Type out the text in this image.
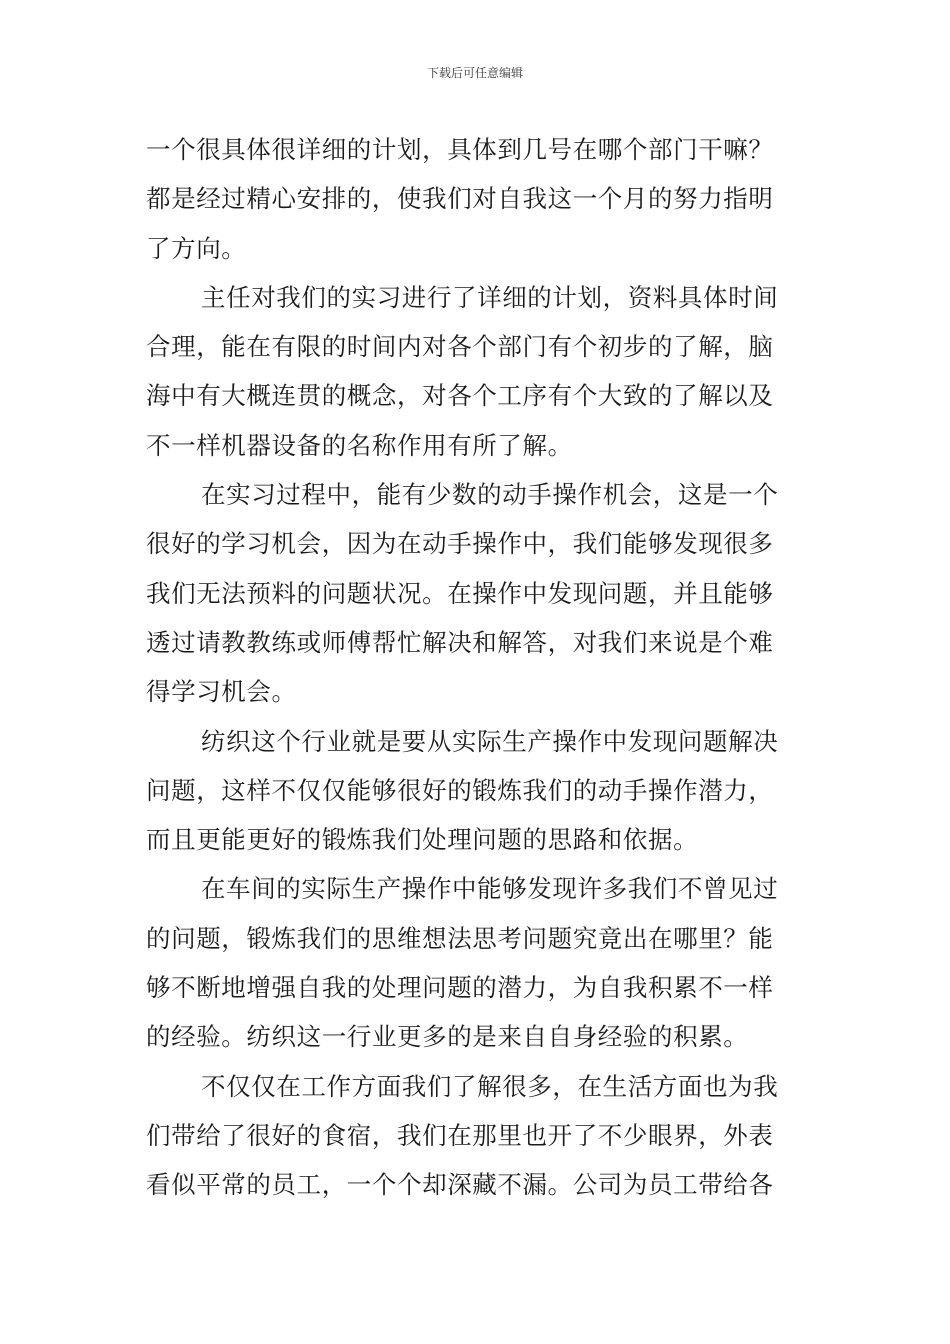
下载后可任意编辑
一个很具体很详细的计划，具体到几号在哪个部门干嘛？
都是经过精心安排的，使我们对自我这一个月的努力指明
了方向。
主任对我们的实习进行了详细的计划，资料具体时间
合理，能在有限的时间内对各个部门有个初步的了解，脑
海中有大概连贯的概念，对各个工序有个大致的了解以及
不一样机器设备的名称作用有所了解。
在实习过程中，能有少数的动手操作机会，这是一个
很好的学习机会，因为在动手操作中，我们能够发现很多
我们无法预料的问题状况。在操作中发现问题，并且能够
透过请教教练或师傅帮忙解决和解答，对我们来说是个难
得学习机会。
纺织这个行业就是要从实际生产操作中发现问题解决
问题，这样不仅仅能够很好的锻炼我们的动手操作潜力，
而且更能更好的锻炼我们处理问题的思路和依据。
在车间的实际生产操作中能够发现许多我们不曾见过
的问题，锻炼我们的思维想法思考问题究竟出在哪里？能
够不断地增强自我的处理问题的潜力，为自我积累不一样
的经验。纺织这一行业更多的是来自自身经验的积累。
不仅仅在工作方面我们了解很多，在生活方面也为我
们带给了很好的食宿，我们在那里也开了不少眼界，外表
看似平常的员工，一个个却深藏不漏。公司为员工带给各
